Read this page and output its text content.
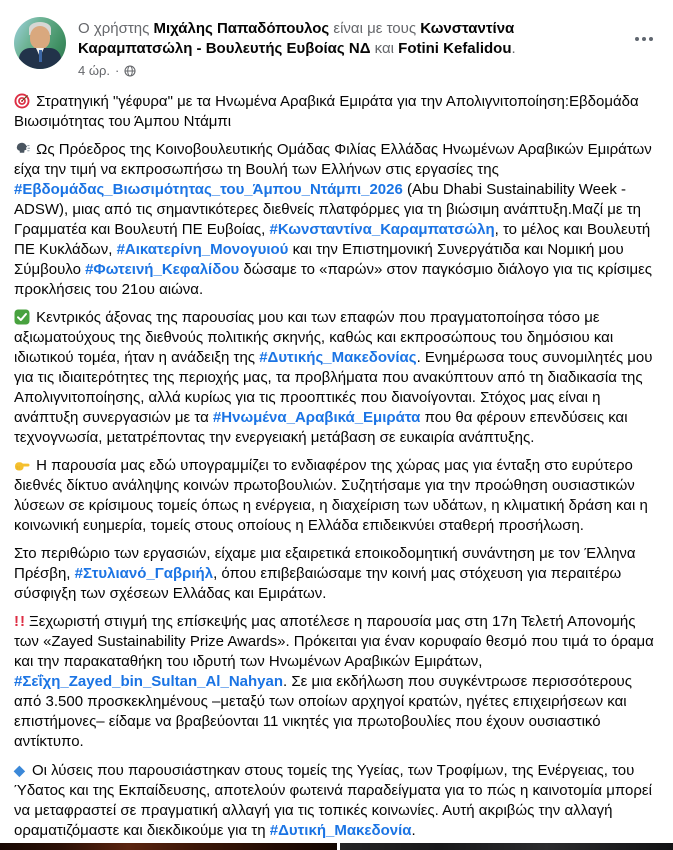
Ο χρήστης Μιχάλης Παπαδόπουλος είναι με τους Κωνσταντίνα Καραμπατσώλη - Βουλευτής Ευβοίας ΝΔ και Fotini Kefalidou.
4 ώρ. ·
Στρατηγική "γέφυρα" με τα Ηνωμένα Αραβικά Εμιράτα για την Απολιγνιτοποίηση:Εβδομάδα Βιωσιμότητας του Άμπου Ντάμπι
Ως Πρόεδρος της Κοινοβουλευτικής Ομάδας Φιλίας Ελλάδας Ηνωμένων Αραβικών Εμιράτων είχα την τιμή να εκπροσωπήσω τη Βουλή των Ελλήνων στις εργασίες της #Εβδομάδας_Βιωσιμότητας_του_Άμπου_Ντάμπι_2026 (Abu Dhabi Sustainability Week - ADSW), μιας από τις σημαντικότερες διεθνείς πλατφόρμες για τη βιώσιμη ανάπτυξη.Μαζί με τη Γραμματέα και Βουλευτή ΠΕ Ευβοίας, #Κωνσταντίνα_Καραμπατσώλη, το μέλος και Βουλευτή ΠΕ Κυκλάδων, #Αικατερίνη_Μονογυιού και την Επιστημονική Συνεργάτιδα και Νομική μου Σύμβουλο #Φωτεινή_Κεφαλίδου δώσαμε το «παρών» στον παγκόσμιο διάλογο για τις κρίσιμες προκλήσεις του 21ου αιώνα.
Κεντρικός άξονας της παρουσίας μου και των επαφών που πραγματοποίησα τόσο με αξιωματούχους της διεθνούς πολιτικής σκηνής, καθώς και εκπροσώπους του δημόσιου και ιδιωτικού τομέα, ήταν η ανάδειξη της #Δυτικής_Μακεδονίας. Ενημέρωσα τους συνομιλητές μου για τις ιδιαιτερότητες της περιοχής μας, τα προβλήματα που ανακύπτουν από τη διαδικασία της Απολιγνιτοποίησης, αλλά κυρίως για τις προοπτικές που διανοίγονται. Στόχος μας είναι η ανάπτυξη συνεργασιών με τα #Ηνωμένα_Αραβικά_Εμιράτα που θα φέρουν επενδύσεις και τεχνογνωσία, μετατρέποντας την ενεργειακή μετάβαση σε ευκαιρία ανάπτυξης.
Η παρουσία μας εδώ υπογραμμίζει το ενδιαφέρον της χώρας μας για ένταξη στο ευρύτερο διεθνές δίκτυο ανάληψης κοινών πρωτοβουλιών. Συζητήσαμε για την προώθηση ουσιαστικών λύσεων σε κρίσιμους τομείς όπως η ενέργεια, η διαχείριση των υδάτων, η κλιματική δράση και η κοινωνική ευημερία, τομείς στους οποίους η Ελλάδα επιδεικνύει σταθερή προσήλωση.
Στο περιθώριο των εργασιών, είχαμε μια εξαιρετικά εποικοδομητική συνάντηση με τον Έλληνα Πρέσβη, #Στυλιανό_Γαβριήλ, όπου επιβεβαιώσαμε την κοινή μας στόχευση για περαιτέρω σύσφιγξη των σχέσεων Ελλάδας και Εμιράτων.
!! Ξεχωριστή στιγμή της επίσκεψής μας αποτέλεσε η παρουσία μας στη 17η Τελετή Απονομής των «Zayed Sustainability Prize Awards». Πρόκειται για έναν κορυφαίο θεσμό που τιμά το όραμα και την παρακαταθήκη του ιδρυτή των Ηνωμένων Αραβικών Εμιράτων, #Σεΐχη_Zayed_bin_Sultan_Al_Nahyan. Σε μια εκδήλωση που συγκέντρωσε περισσότερους από 3.500 προσκεκλημένους –μεταξύ των οποίων αρχηγοί κρατών, ηγέτες επιχειρήσεων και επιστήμονες– είδαμε να βραβεύονται 11 νικητές για πρωτοβουλίες που έχουν ουσιαστικό αντίκτυπο.
◆ Οι λύσεις που παρουσιάστηκαν στους τομείς της Υγείας, των Τροφίμων, της Ενέργειας, του Ύδατος και της Εκπαίδευσης, αποτελούν φωτεινά παραδείγματα για το πώς η καινοτομία μπορεί να μεταφραστεί σε πραγματική αλλαγή για τις τοπικές κοινωνίες. Αυτή ακριβώς την αλλαγή οραματιζόμαστε και διεκδικούμε για τη #Δυτική_Μακεδονία.
